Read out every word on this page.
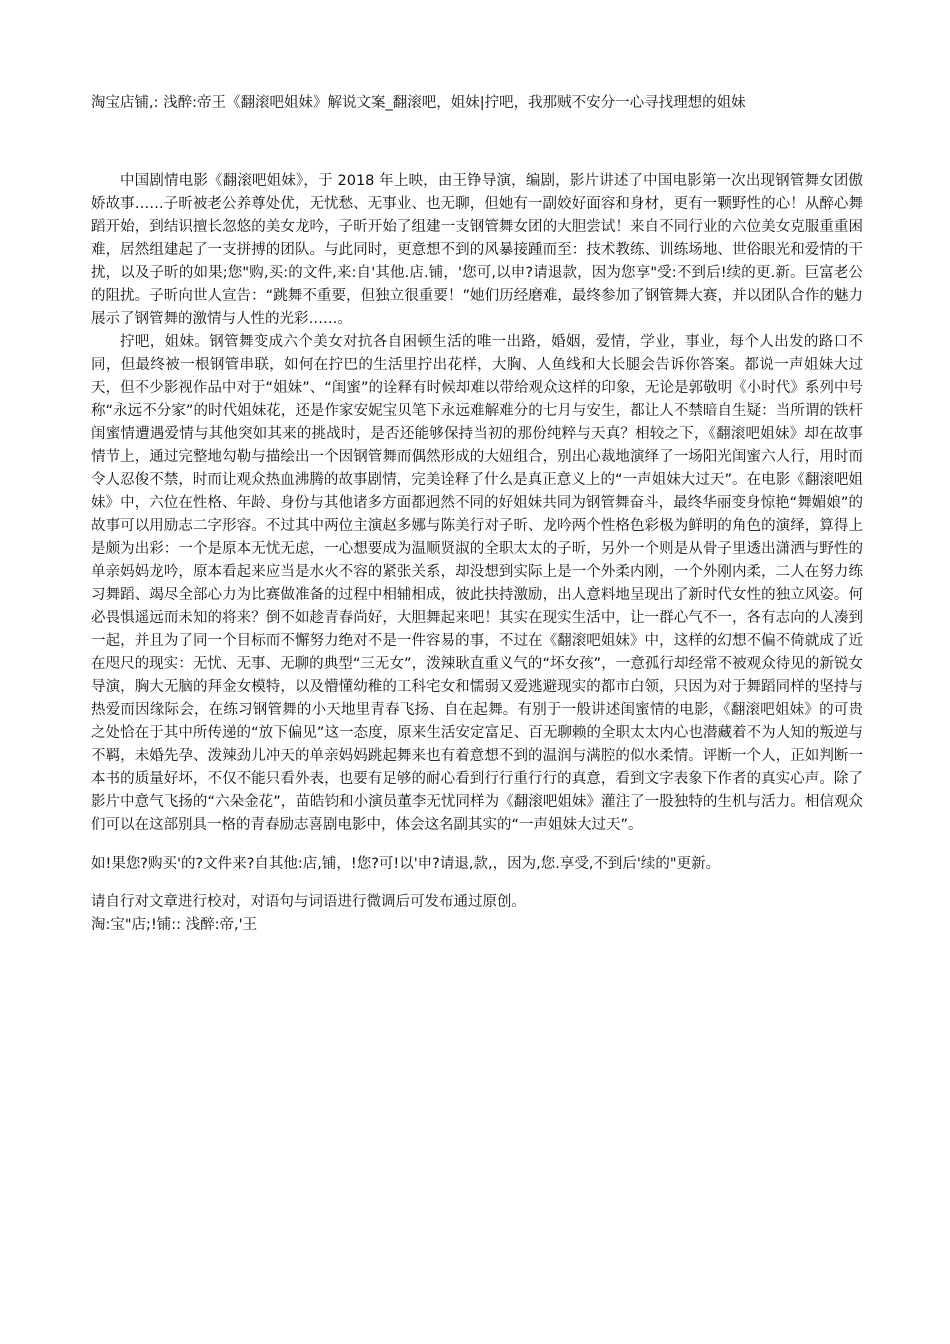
淘宝店铺,: 浅醉:帝王《翻滚吧姐妹》解说文案_翻滚吧，姐妹|拧吧，我那贼不安分一心寻找理想的姐妹

中国剧情电影《翻滚吧姐妹》，于 2018 年上映，由王铮导演，编剧，影片讲述了中国电影第一次出现钢管舞女团傲娇故事……子昕被老公养尊处优，无忧愁、无事业、也无聊，但她有一副姣好面容和身材，更有一颗野性的心！从醉心舞蹈开始，到结识擅长忽悠的美女龙吟，子昕开始了组建一支钢管舞女团的大胆尝试！来自不同行业的六位美女克服重重困难，居然组建起了一支拼搏的团队。与此同时，更意想不到的风暴接踵而至：技术教练、训练场地、世俗眼光和爱情的干扰，以及子昕的如果;您"购,买:的文件,来:自'其他.店.铺，'您可,以申?请退款，因为您享"受:不到后!续的更.新。巨富老公的阻扰。子昕向世人宣告：“跳舞不重要，但独立很重要！”她们历经磨难，最终参加了钢管舞大赛，并以团队合作的魅力展示了钢管舞的激情与人性的光彩……。

拧吧，姐妹。钢管舞变成六个美女对抗各自困顿生活的唯一出路，婚姻，爱情，学业，事业，每个人出发的路口不同，但最终被一根钢管串联，如何在拧巴的生活里拧出花样，大胸、人鱼线和大长腿会告诉你答案。都说一声姐妹大过天，但不少影视作品中对于“姐妹”、“闺蜜”的诠释有时候却难以带给观众这样的印象，无论是郭敬明《小时代》系列中号称“永远不分家”的时代姐妹花，还是作家安妮宝贝笔下永远难解难分的七月与安生，都让人不禁暗自生疑：当所谓的铁杆闺蜜情遭遇爱情与其他突如其来的挑战时，是否还能够保持当初的那份纯粹与天真？相较之下，《翻滚吧姐妹》却在故事情节上，通过完整地勾勒与描绘出一个因钢管舞而偶然形成的大妞组合，别出心裁地演绎了一场阳光闺蜜六人行，用时而令人忍俊不禁，时而让观众热血沸腾的故事剧情，完美诠释了什么是真正意义上的“一声姐妹大过天”。在电影《翻滚吧姐妹》中，六位在性格、年龄、身份与其他诸多方面都迥然不同的好姐妹共同为钢管舞奋斗，最终华丽变身惊艳“舞媚娘”的故事可以用励志二字形容。不过其中两位主演赵多娜与陈美行对子昕、龙吟两个性格色彩极为鲜明的角色的演绎，算得上是颇为出彩：一个是原本无忧无虑，一心想要成为温顺贤淑的全职太太的子昕，另外一个则是从骨子里透出潇洒与野性的单亲妈妈龙吟，原本看起来应当是水火不容的紧张关系，却没想到实际上是一个外柔内刚，一个外刚内柔，二人在努力练习舞蹈、竭尽全部心力为比赛做准备的过程中相辅相成，彼此扶持激励，出人意料地呈现出了新时代女性的独立风姿。何必畏惧遥远而未知的将来？倒不如趁青春尚好，大胆舞起来吧！其实在现实生活中，让一群心气不一，各有志向的人凑到一起，并且为了同一个目标而不懈努力绝对不是一件容易的事，不过在《翻滚吧姐妹》中，这样的幻想不偏不倚就成了近在咫尺的现实：无忧、无事、无聊的典型“三无女”，泼辣耿直重义气的“坏女孩”，一意孤行却经常不被观众待见的新锐女导演，胸大无脑的拜金女模特，以及懵懂幼稚的工科宅女和懦弱又爱逃避现实的都市白领，只因为对于舞蹈同样的坚持与热爱而因缘际会，在练习钢管舞的小天地里青春飞扬、自在起舞。有别于一般讲述闺蜜情的电影，《翻滚吧姐妹》的可贵之处恰在于其中所传递的“放下偏见”这一态度，原来生活安定富足、百无聊赖的全职太太内心也潜藏着不为人知的叛逆与不羁，未婚先孕、泼辣劲儿冲天的单亲妈妈跳起舞来也有着意想不到的温润与满腔的似水柔情。评断一个人，正如判断一本书的质量好坏，不仅不能只看外表，也要有足够的耐心看到行行重行行的真意，看到文字表象下作者的真实心声。除了影片中意气飞扬的“六朵金花”，苗皓钧和小演员董李无忧同样为《翻滚吧姐妹》灌注了一股独特的生机与活力。相信观众们可以在这部别具一格的青春励志喜剧电影中，体会这名副其实的“一声姐妹大过天”。

如!果您?购买'的?文件来?自其他:店,铺，!您?可!以'申?请退,款,，因为,您.享受,不到后'续的"更新。

请自行对文章进行校对，对语句与词语进行微调后可发布通过原创。

淘:宝"店;!铺:: 浅醉:帝,'王
